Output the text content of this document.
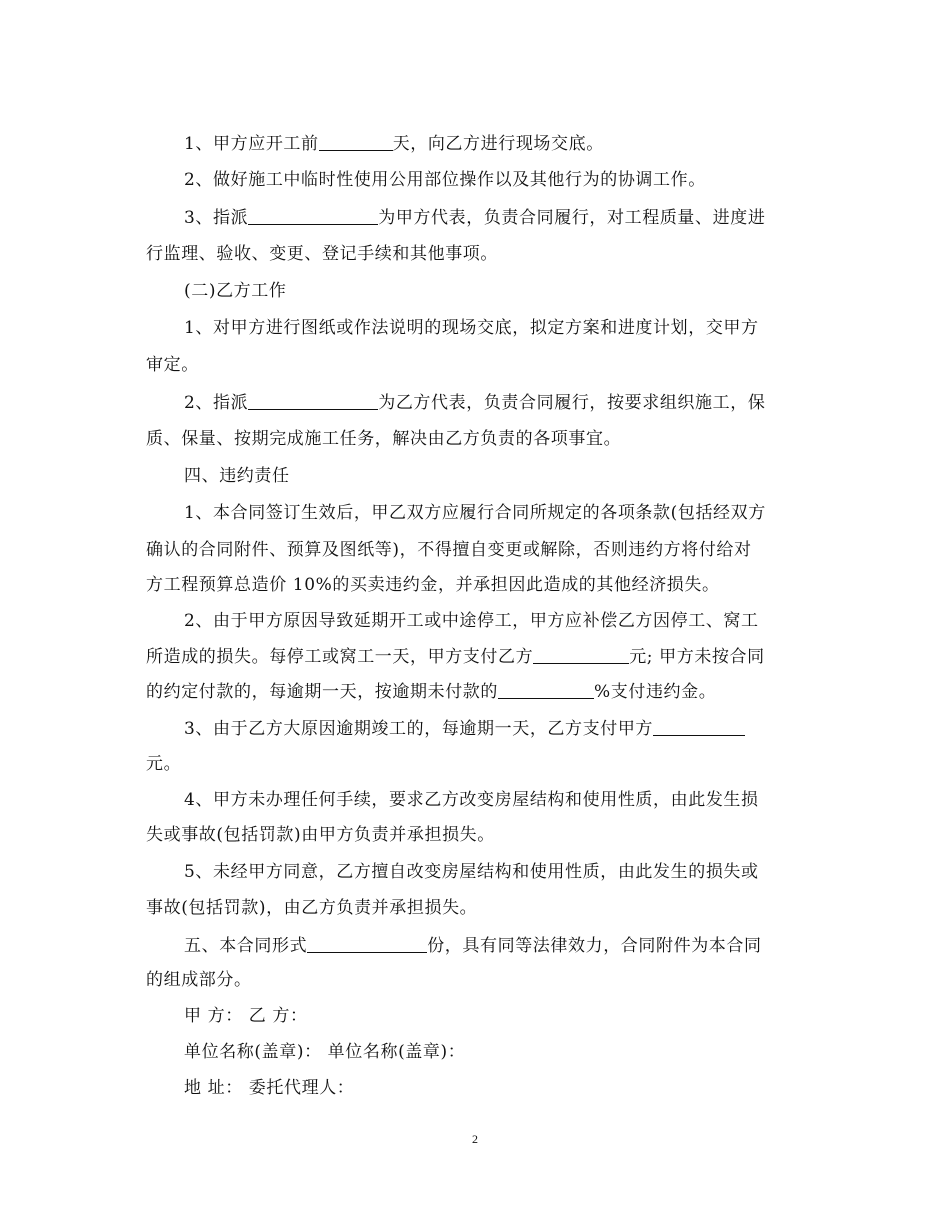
1、甲方应开工前	天，向乙方进行现场交底。
2、做好施工中临时性使用公用部位操作以及其他行为的协调工作。
3、指派	为甲方代表，负责合同履行，对工程质量、进度进
行监理、验收、变更、登记手续和其他事项。
(二)乙方工作
1、对甲方进行图纸或作法说明的现场交底，拟定方案和进度计划，交甲方
审定。
2、指派	为乙方代表，负责合同履行，按要求组织施工，保
质、保量、按期完成施工任务，解决由乙方负责的各项事宜。
四、违约责任
1、本合同签订生效后，甲乙双方应履行合同所规定的各项条款(包括经双方
确认的合同附件、预算及图纸等)，不得擅自变更或解除，否则违约方将付给对
方工程预算总造价 10%的买卖违约金，并承担因此造成的其他经济损失。
2、由于甲方原因导致延期开工或中途停工，甲方应补偿乙方因停工、窝工
所造成的损失。每停工或窝工一天，甲方支付乙方	元; 甲方未按合同
的约定付款的，每逾期一天，按逾期未付款的	%支付违约金。
3、由于乙方大原因逾期竣工的，每逾期一天，乙方支付甲方
元。
4、甲方未办理任何手续，要求乙方改变房屋结构和使用性质，由此发生损
失或事故(包括罚款)由甲方负责并承担损失。
5、未经甲方同意，乙方擅自改变房屋结构和使用性质，由此发生的损失或
事故(包括罚款)，由乙方负责并承担损失。
五、本合同形式	份，具有同等法律效力，合同附件为本合同
的组成部分。
甲 方： 乙 方：
单位名称(盖章)： 单位名称(盖章)：
地 址： 委托代理人：
2
